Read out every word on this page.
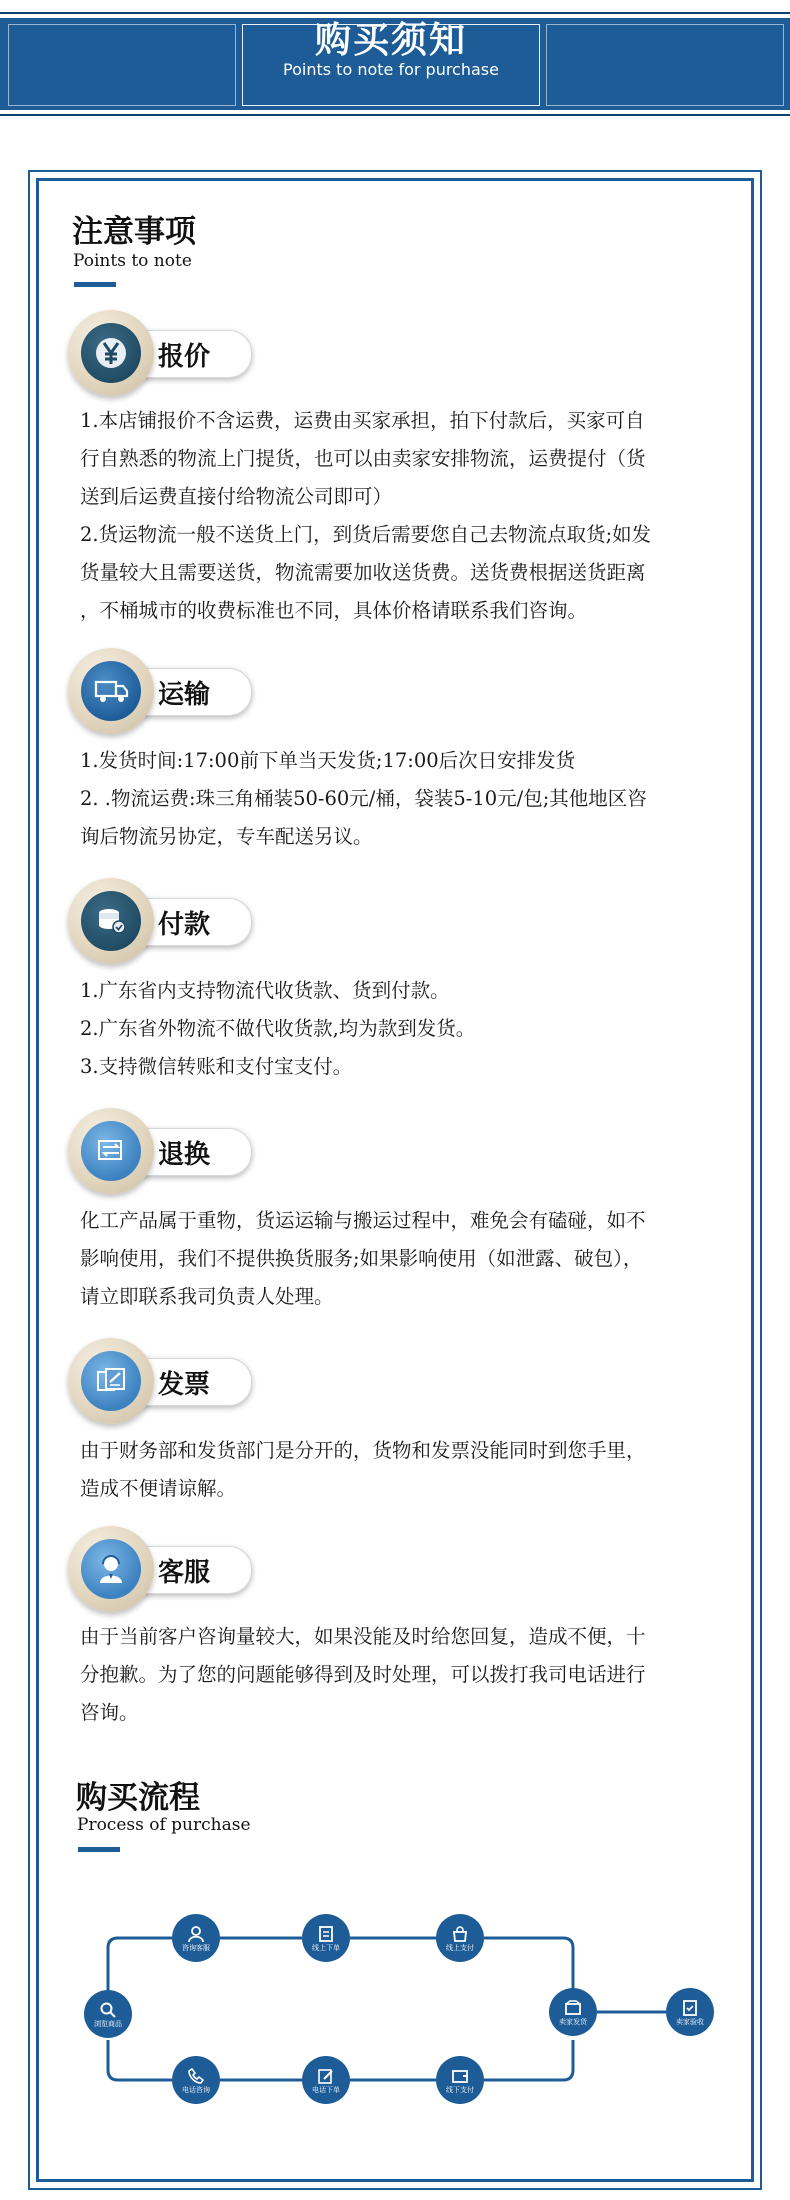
购买须知
Points to note for purchase
注意事项
Points to note
报价

1.本店铺报价不含运费，运费由买家承担，拍下付款后，买家可自

行自熟悉的物流上门提货，也可以由卖家安排物流，运费提付（货

送到后运费直接付给物流公司即可）

2.货运物流一般不送货上门，到货后需要您自己去物流点取货;如发

货量较大且需要送货，物流需要加收送货费。送货费根据送货距离

，不桶城市的收费标准也不同，具体价格请联系我们咨询。

运输

1.发货时间:17:00前下单当天发货;17:00后次日安排发货

2. .物流运费:珠三角桶装50-60元/桶，袋装5-10元/包;其他地区咨

询后物流另协定，专车配送另议。

付款

1.广东省内支持物流代收货款、货到付款。

2.广东省外物流不做代收货款,均为款到发货。

3.支持微信转账和支付宝支付。

退换

化工产品属于重物，货运运输与搬运过程中，难免会有磕碰，如不

影响使用，我们不提供换货服务;如果影响使用（如泄露、破包），

请立即联系我司负责人处理。

发票

由于财务部和发货部门是分开的，货物和发票没能同时到您手里，

造成不便请谅解。

客服

由于当前客户咨询量较大，如果没能及时给您回复，造成不便，十

分抱歉。为了您的问题能够得到及时处理，可以拨打我司电话进行

咨询。

购买流程
Process of purchase
浏览商品
咨询客服	线上下单	线上支付
电话咨询	电话下单	线下支付
卖家发货	卖家验收
